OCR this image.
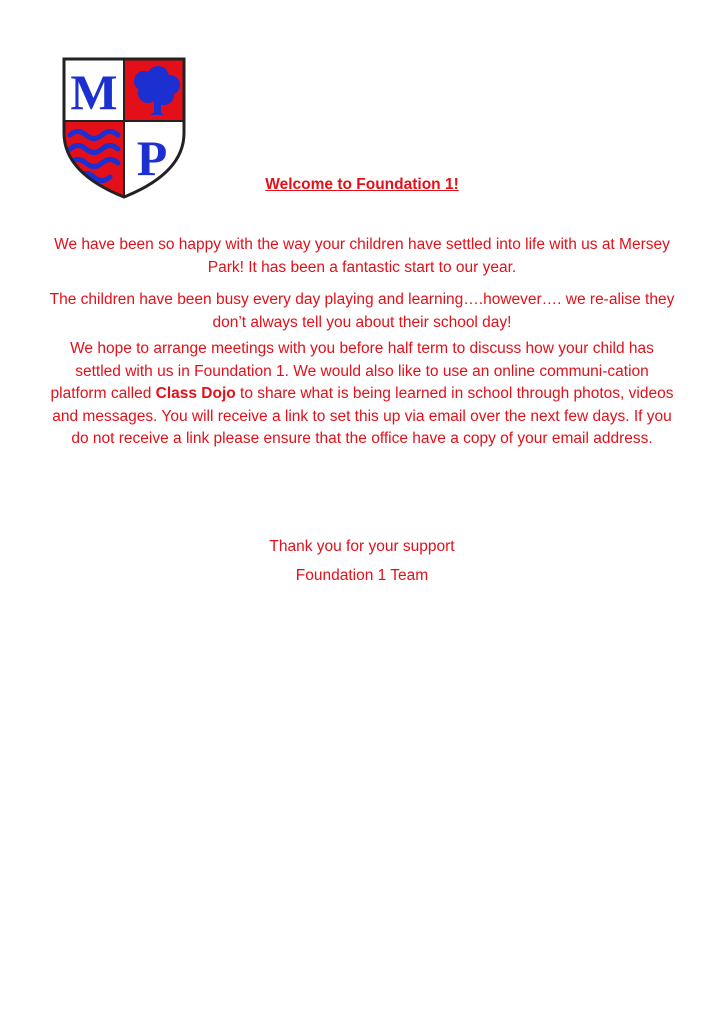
M
P	Welcome to Foundation 1!

We have been so happy with the way your children have settled into life with us at Mersey Park! It has been a fantastic start to our year.

The children have been busy every day playing and learning….however…. we re-alise they don’t always tell you about their school day!

We hope to arrange meetings with you before half term to discuss how your child has settled with us in Foundation 1. We would also like to use an online communi-cation platform called Class Dojo to share what is being learned in school through photos, videos and messages. You will receive a link to set this up via email over the next few days. If you do not receive a link please ensure that the office have a copy of your email address.

Thank you for your support
Foundation 1 Team
